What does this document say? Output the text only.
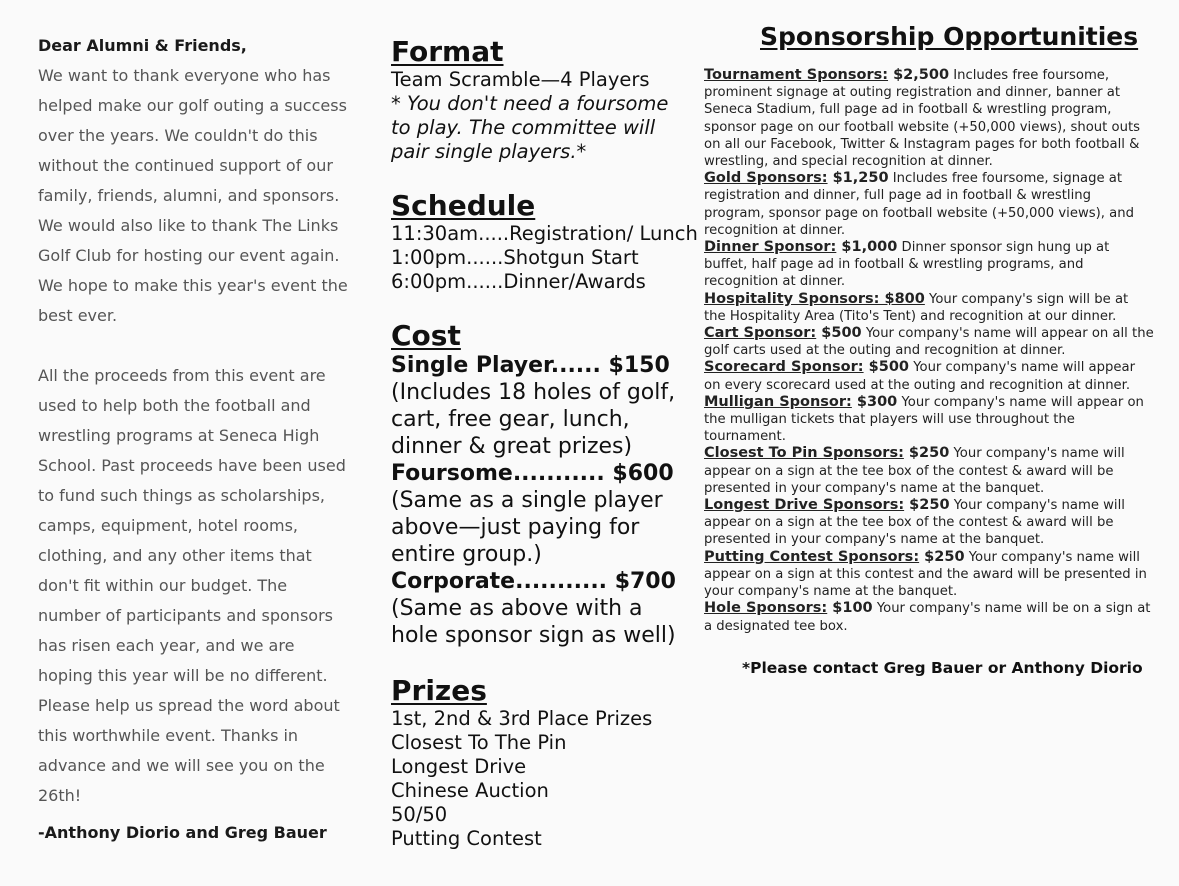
Dear Alumni & Friends,

We want to thank everyone who has helped make our golf outing a success over the years. We couldn't do this without the continued support of our family, friends, alumni, and sponsors. We would also like to thank The Links Golf Club for hosting our event again. We hope to make this year's event the best ever.

All the proceeds from this event are used to help both the football and wrestling programs at Seneca High School. Past proceeds have been used to fund such things as scholarships, camps, equipment, hotel rooms, clothing, and any other items that don't fit within our budget. The number of participants and sponsors has risen each year, and we are hoping this year will be no different. Please help us spread the word about this worthwhile event. Thanks in advance and we will see you on the 26th!

-Anthony Diorio and Greg Bauer

Format

Team Scramble—4 Players

* You don't need a foursome to play. The committee will pair single players.*

Schedule

11:30am.....Registration/ Lunch

1:00pm......Shotgun Start

6:00pm......Dinner/Awards

Cost

Single Player...... $150

(Includes 18 holes of golf, cart, free gear, lunch, dinner & great prizes)

Foursome........... $600

(Same as a single player above—just paying for entire group.)

Corporate........... $700

(Same as above with a hole sponsor sign as well)

Prizes

1st, 2nd & 3rd Place Prizes

Closest To The Pin

Longest Drive

Chinese Auction

50/50

Putting Contest

Sponsorship Opportunities

Tournament Sponsors: $2,500 Includes free foursome, prominent signage at outing registration and dinner, banner at Seneca Stadium, full page ad in football & wrestling program, sponsor page on our football website (+50,000 views), shout outs on all our Facebook, Twitter & Instagram pages for both football & wrestling, and special recognition at dinner.

Gold Sponsors: $1,250 Includes free foursome, signage at registration and dinner, full page ad in football & wrestling program, sponsor page on football website (+50,000 views), and recognition at dinner.

Dinner Sponsor: $1,000 Dinner sponsor sign hung up at buffet, half page ad in football & wrestling programs, and recognition at dinner.

Hospitality Sponsors: $800 Your company's sign will be at the Hospitality Area (Tito's Tent) and recognition at our dinner.

Cart Sponsor: $500 Your company's name will appear on all the golf carts used at the outing and recognition at dinner.

Scorecard Sponsor: $500 Your company's name will appear on every scorecard used at the outing and recognition at dinner.

Mulligan Sponsor: $300 Your company's name will appear on the mulligan tickets that players will use throughout the tournament.

Closest To Pin Sponsors: $250 Your company's name will appear on a sign at the tee box of the contest & award will be presented in your company's name at the banquet.

Longest Drive Sponsors: $250 Your company's name will appear on a sign at the tee box of the contest & award will be presented in your company's name at the banquet.

Putting Contest Sponsors: $250 Your company's name will appear on a sign at this contest and the award will be presented in your company's name at the banquet.

Hole Sponsors: $100 Your company's name will be on a sign at a designated tee box.

*Please contact Greg Bauer or Anthony Diorio
